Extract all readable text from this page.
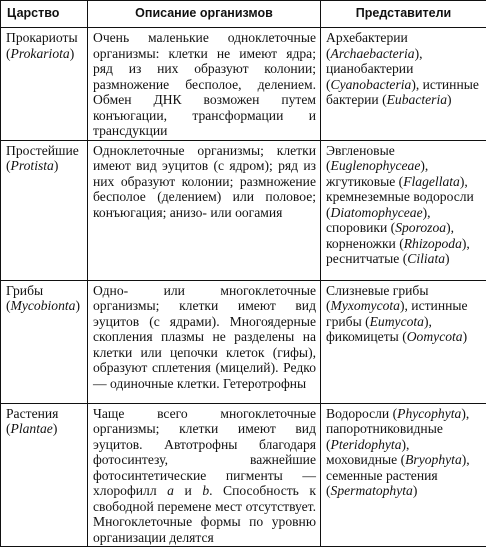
Царство	Описание организмов	Представители
Прокариоты
(Prokariota)	Очень маленькие одноклеточные организмы: клетки не имеют ядра; ряд из них образуют колонии; размножение бесполое, делением. Обмен ДНК возможен путем конъюгации, трансформации и трансдукции	Архебактерии (Archaebacteria), цианобактерии (Cyanobacteria), истинные бактерии (Eubacteria)
Простейшие
(Protista)	Одноклеточные организмы; клетки имеют вид эуцитов (с ядром); ряд из них образуют колонии; размножение бесполое (делением) или половое; конъюгация; анизо- или оогамия	Эвгленовые (Euglenophyceae), жгутиковые (Flagellata), кремнеземные водоросли (Diatomophyceae), споровики (Sporozoa), корненожки (Rhizopoda), реснитчатые (Ciliata)
Грибы
(Mycobionta)	Одно- или многоклеточные организмы; клетки имеют вид эуцитов (с ядрами). Многоядерные скопления плазмы не разделены на клетки или цепочки клеток (гифы), образуют сплетения (мицелий). Редко — одиночные клетки. Гетеротрофны	Слизневые грибы (Myxomycota), истинные грибы (Eumycota), фикомицеты (Oomycota)
Растения
(Plantae)	Чаще всего многоклеточные организмы; клетки имеют вид эуцитов. Автотрофны благодаря фотосинтезу, важнейшие фотосинтетические пигменты — хлорофилл a и b. Способность к свободной перемене мест отсутствует. Многоклеточные формы по уровню организации делятся	Водоросли (Phycophyta), папоротниковидные (Pteridophyta), моховидные (Bryophyta), семенные растения (Spermatophyta)
